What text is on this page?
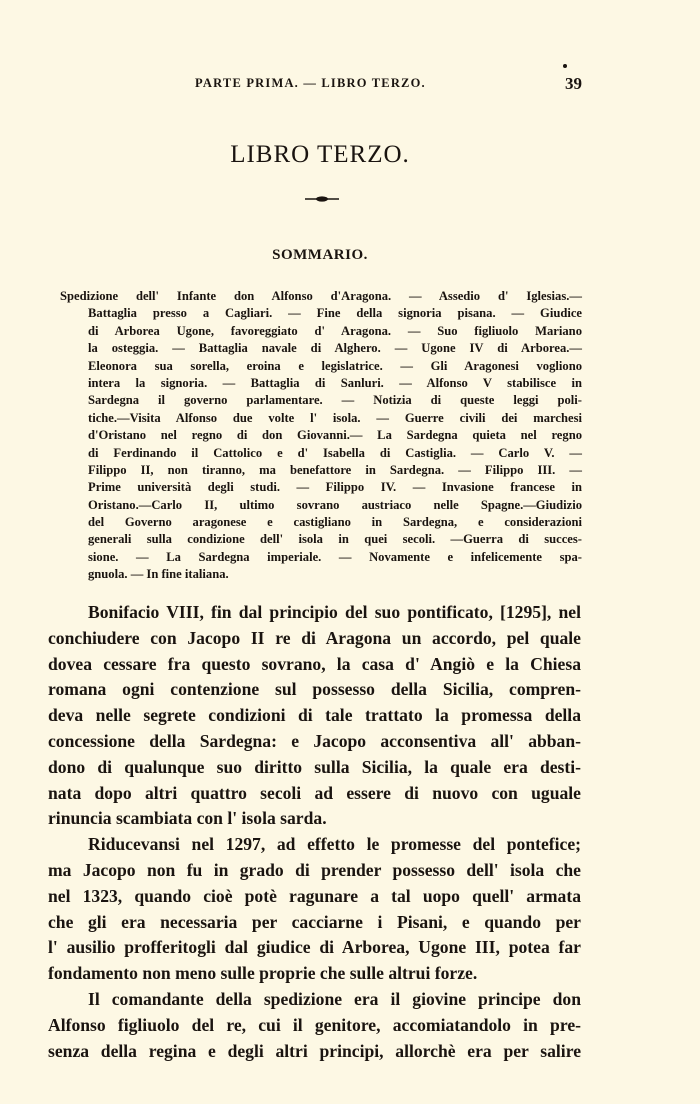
PARTE PRIMA. — LIBRO TERZO.	39
LIBRO TERZO.
SOMMARIO.
Spedizione dell' Infante don Alfonso d'Aragona. — Assedio d' Iglesias.—
Battaglia presso a Cagliari. — Fine della signoria pisana. — Giudice
di Arborea Ugone, favoreggiato d' Aragona. — Suo figliuolo Mariano
la osteggia. — Battaglia navale di Alghero. — Ugone IV di Arborea.—
Eleonora sua sorella, eroina e legislatrice. — Gli Aragonesi vogliono
intera la signoria. — Battaglia di Sanluri. — Alfonso V stabilisce in
Sardegna il governo parlamentare. — Notizia di queste leggi poli-
tiche.—Visita Alfonso due volte l' isola. — Guerre civili dei marchesi
d'Oristano nel regno di don Giovanni.— La Sardegna quieta nel regno
di Ferdinando il Cattolico e d' Isabella di Castiglia. — Carlo V. —
Filippo II, non tiranno, ma benefattore in Sardegna. — Filippo III. —
Prime università degli studi. — Filippo IV. — Invasione francese in
Oristano.—Carlo II, ultimo sovrano austriaco nelle Spagne.—Giudizio
del Governo aragonese e castigliano in Sardegna, e considerazioni
generali sulla condizione dell' isola in quei secoli. —Guerra di succes-
sione. — La Sardegna imperiale. — Novamente e infelicemente spa-
gnuola. — In fine italiana.
Bonifacio VIII, fin dal principio del suo pontificato, [1295], nel
conchiudere con Jacopo II re di Aragona un accordo, pel quale
dovea cessare fra questo sovrano, la casa d' Angiò e la Chiesa
romana ogni contenzione sul possesso della Sicilia, compren-
deva nelle segrete condizioni di tale trattato la promessa della
concessione della Sardegna: e Jacopo acconsentiva all' abban-
dono di qualunque suo diritto sulla Sicilia, la quale era desti-
nata dopo altri quattro secoli ad essere di nuovo con uguale
rinuncia scambiata con l' isola sarda.
Riducevansi nel 1297, ad effetto le promesse del pontefice;
ma Jacopo non fu in grado di prender possesso dell' isola che
nel 1323, quando cioè potè ragunare a tal uopo quell' armata
che gli era necessaria per cacciarne i Pisani, e quando per
l' ausilio profferitogli dal giudice di Arborea, Ugone III, potea far
fondamento non meno sulle proprie che sulle altrui forze.
Il comandante della spedizione era il giovine principe don
Alfonso figliuolo del re, cui il genitore, accomiatandolo in pre-
senza della regina e degli altri principi, allorchè era per salire
